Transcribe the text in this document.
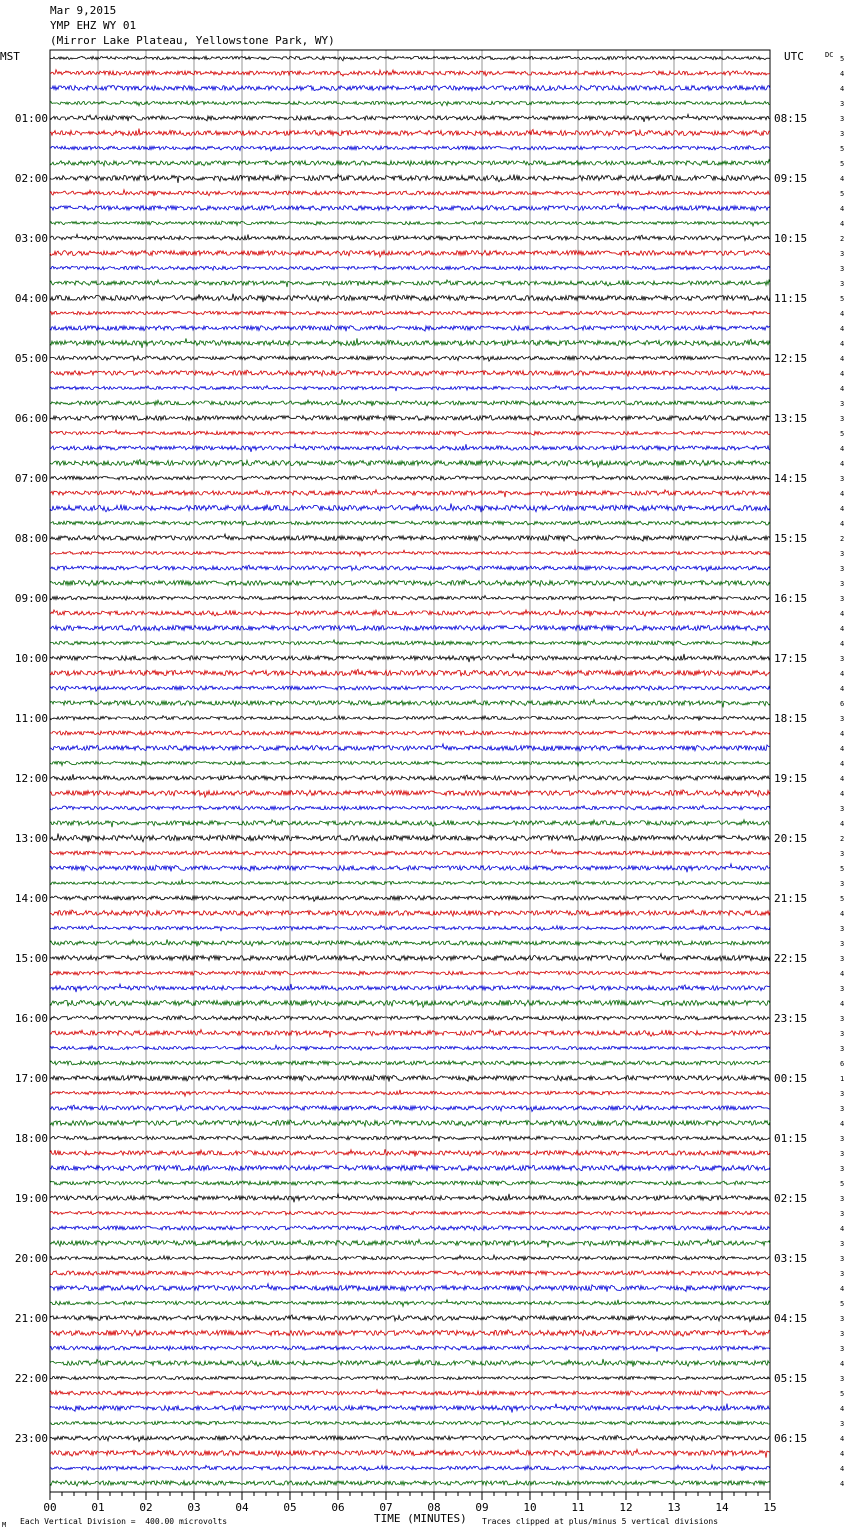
Mar 9,2015
YMP EHZ WY 01
(Mirror Lake Plateau, Yellowstone Park, WY)
MST	UTC	DC 5
4
4
3
3
3
5
5
4
5
4
4
2
3
3
3
5
4
4
4
4
4
4
3
3
5
4
4
3
4
4
4
2
3
3
3
3
4
4
4
3
4
4
6
3
4
4
4
4
4
3
4
2
3
5
3
5
4
3
3
3
4
3
4
3
3
3
6
1
3
3
4
3
3
3
5
3
3
4
3
3
3
4
5
3
3
3
4
3
5
4
3
4
4
4
4
01:00	08:15
02:00	09:15
03:00	10:15
04:00	11:15
05:00	12:15
06:00	13:15
07:00	14:15
08:00	15:15
09:00	16:15
10:00	17:15
11:00	18:15
12:00	19:15
13:00	20:15
14:00	21:15
15:00	22:15
16:00	23:15
17:00	00:15
18:00	01:15
19:00	02:15
20:00	03:15
21:00	04:15
22:00	05:15
23:00	06:15
00	01	02	03	04	05	06	07	08	09	10	11	12	13	14	15
M Each Vertical Division =  400.00 microvolts	TIME (MINUTES) Traces clipped at plus/minus 5 vertical divisions
